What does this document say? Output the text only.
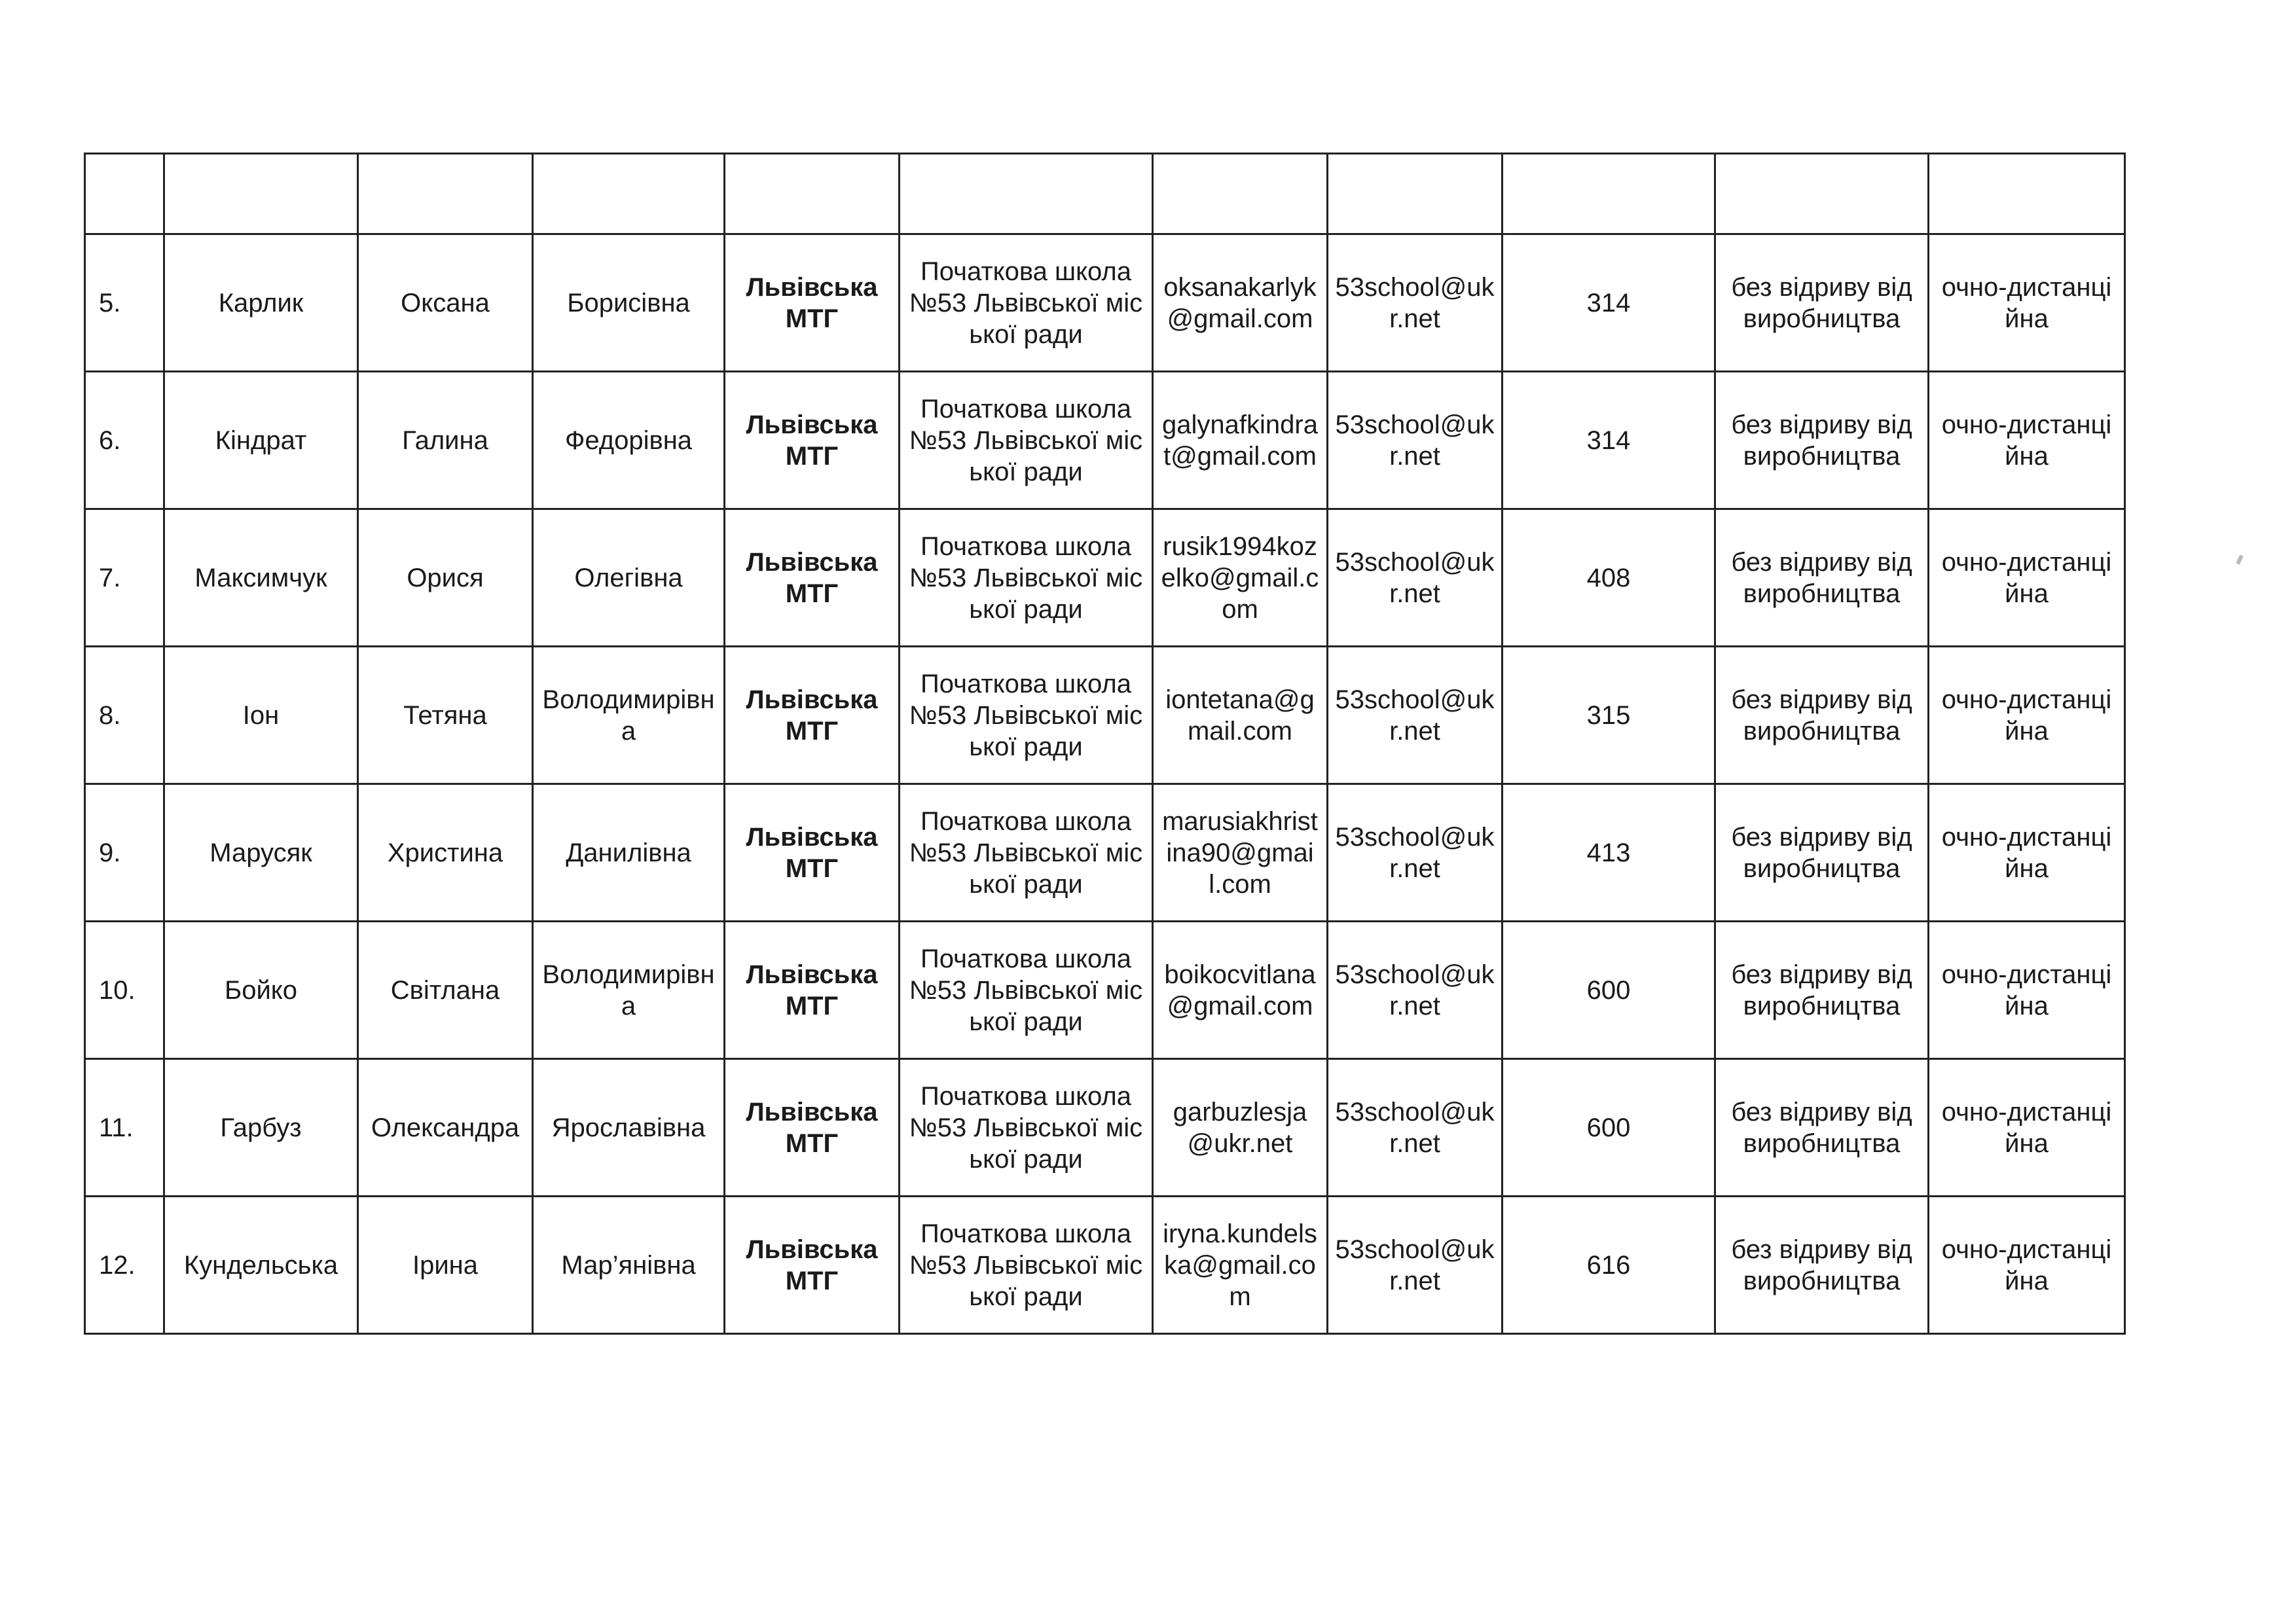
5.	Карлик	Оксана	Борисівна	Львівська МТГ	Початкова школа №53 Львівської міської ради	oksanakarlyk@gmail.com	53school@ukr.net	314	без відриву від виробництва	очно-дистанційна
6.	Кіндрат	Галина	Федорівна	Львівська МТГ	Початкова школа №53 Львівської міської ради	galynafkindrat@gmail.com	53school@ukr.net	314	без відриву від виробництва	очно-дистанційна
7.	Максимчук	Орися	Олегівна	Львівська МТГ	Початкова школа №53 Львівської міської ради	rusik1994kozelko@gmail.com	53school@ukr.net	408	без відриву від виробництва	очно-дистанційна
8.	Іон	Тетяна	Володимирівна	Львівська МТГ	Початкова школа №53 Львівської міської ради	iontetana@gmail.com	53school@ukr.net	315	без відриву від виробництва	очно-дистанційна
9.	Марусяк	Христина	Данилівна	Львівська МТГ	Початкова школа №53 Львівської міської ради	marusiakhristina90@gmail.com	53school@ukr.net	413	без відриву від виробництва	очно-дистанційна
10.	Бойко	Світлана	Володимирівна	Львівська МТГ	Початкова школа №53 Львівської міської ради	boikocvitlana@gmail.com	53school@ukr.net	600	без відриву від виробництва	очно-дистанційна
11.	Гарбуз	Олександра	Ярославівна	Львівська МТГ	Початкова школа №53 Львівської міської ради	garbuzlesja@ukr.net	53school@ukr.net	600	без відриву від виробництва	очно-дистанційна
12.	Кундельська	Ірина	Мар’янівна	Львівська МТГ	Початкова школа №53 Львівської міської ради	iryna.kundelska@gmail.com	53school@ukr.net	616	без відриву від виробництва	очно-дистанційна
